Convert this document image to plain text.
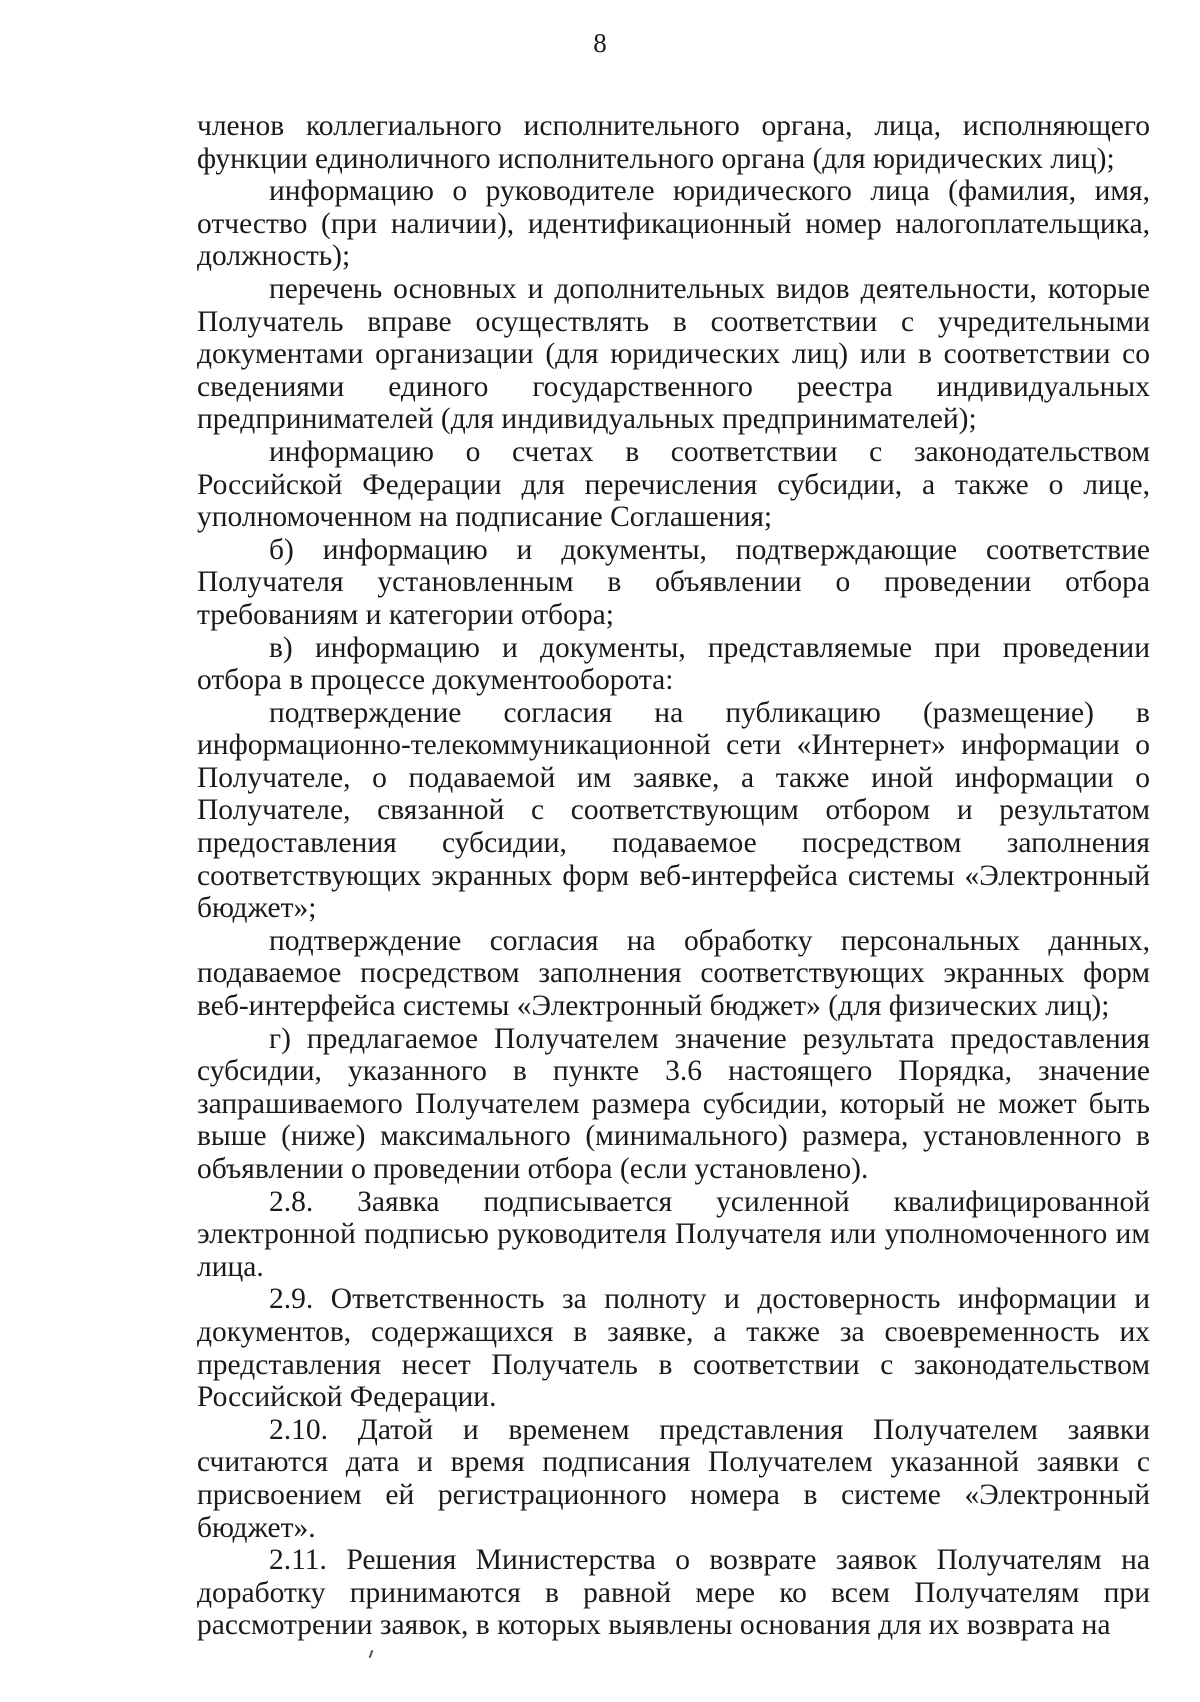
8

членов коллегиального исполнительного органа, лица, исполняющего функции единоличного исполнительного органа (для юридических лиц);

информацию о руководителе юридического лица (фамилия, имя, отчество (при наличии), идентификационный номер налогоплательщика, должность);

перечень основных и дополнительных видов деятельности, которые Получатель вправе осуществлять в соответствии с учредительными документами организации (для юридических лиц) или в соответствии со сведениями единого государственного реестра индивидуальных предпринимателей (для индивидуальных предпринимателей);

информацию о счетах в соответствии с законодательством Российской Федерации для перечисления субсидии, а также о лице, уполномоченном на подписание Соглашения;

б) информацию и документы, подтверждающие соответствие Получателя установленным в объявлении о проведении отбора требованиям и категории отбора;

в) информацию и документы, представляемые при проведении отбора в процессе документооборота:

подтверждение согласия на публикацию (размещение) в информационно-телекоммуникационной сети «Интернет» информации о Получателе, о подаваемой им заявке, а также иной информации о Получателе, связанной с соответствующим отбором и результатом предоставления субсидии, подаваемое посредством заполнения соответствующих экранных форм веб-интерфейса системы «Электронный бюджет»;

подтверждение согласия на обработку персональных данных, подаваемое посредством заполнения соответствующих экранных форм веб-интерфейса системы «Электронный бюджет» (для физических лиц);

г) предлагаемое Получателем значение результата предоставления субсидии, указанного в пункте 3.6 настоящего Порядка, значение запрашиваемого Получателем размера субсидии, который не может быть выше (ниже) максимального (минимального) размера, установленного в объявлении о проведении отбора (если установлено).

2.8. Заявка подписывается усиленной квалифицированной электронной подписью руководителя Получателя или уполномоченного им лица.

2.9. Ответственность за полноту и достоверность информации и документов, содержащихся в заявке, а также за своевременность их представления несет Получатель в соответствии с законодательством Российской Федерации.

2.10. Датой и временем представления Получателем заявки считаются дата и время подписания Получателем указанной заявки с присвоением ей регистрационного номера в системе «Электронный бюджет».

2.11. Решения Министерства о возврате заявок Получателям на доработку принимаются в равной мере ко всем Получателям при рассмотрении заявок, в которых выявлены основания для их возврата на
